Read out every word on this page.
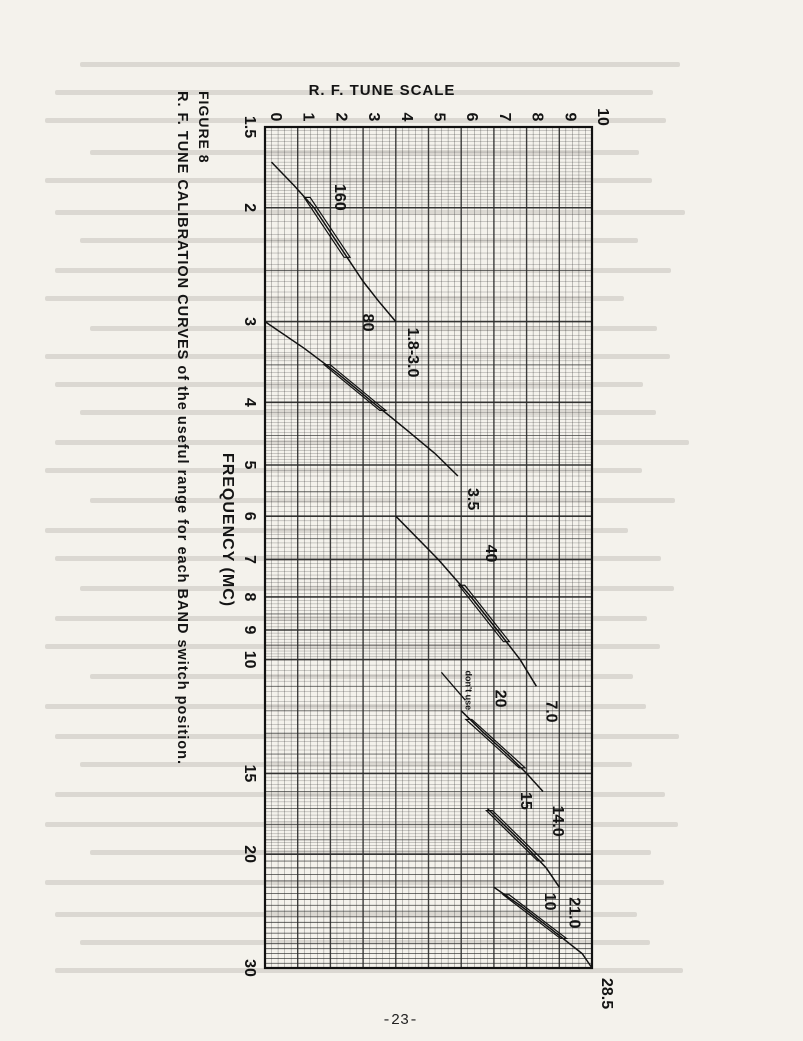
1.8-3.0
160
3.5
80
7.0
40
14.0
20
21.0
15
28.5
10
don't use
0 1 2 3 4 5 6 7 8 9 10
1.5
2
3
4
5
6
7
8
9
10
15
20
30
R. F. TUNE SCALE
FREQUENCY (MC)
FIGURE 8
R. F. TUNE CALIBRATION CURVES of the useful range for each BAND switch position.
-23-
